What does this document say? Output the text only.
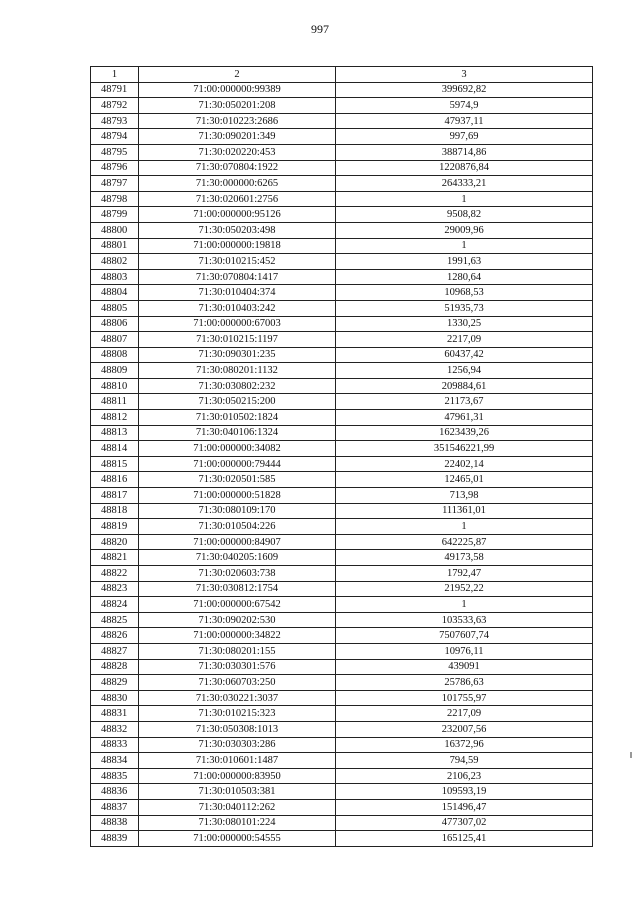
997
1	2	3
48791	71:00:000000:99389	399692,82
48792	71:30:050201:208	5974,9
48793	71:30:010223:2686	47937,11
48794	71:30:090201:349	997,69
48795	71:30:020220:453	388714,86
48796	71:30:070804:1922	1220876,84
48797	71:30:000000:6265	264333,21
48798	71:30:020601:2756	1
48799	71:00:000000:95126	9508,82
48800	71:30:050203:498	29009,96
48801	71:00:000000:19818	1
48802	71:30:010215:452	1991,63
48803	71:30:070804:1417	1280,64
48804	71:30:010404:374	10968,53
48805	71:30:010403:242	51935,73
48806	71:00:000000:67003	1330,25
48807	71:30:010215:1197	2217,09
48808	71:30:090301:235	60437,42
48809	71:30:080201:1132	1256,94
48810	71:30:030802:232	209884,61
48811	71:30:050215:200	21173,67
48812	71:30:010502:1824	47961,31
48813	71:30:040106:1324	1623439,26
48814	71:00:000000:34082	351546221,99
48815	71:00:000000:79444	22402,14
48816	71:30:020501:585	12465,01
48817	71:00:000000:51828	713,98
48818	71:30:080109:170	111361,01
48819	71:30:010504:226	1
48820	71:00:000000:84907	642225,87
48821	71:30:040205:1609	49173,58
48822	71:30:020603:738	1792,47
48823	71:30:030812:1754	21952,22
48824	71:00:000000:67542	1
48825	71:30:090202:530	103533,63
48826	71:00:000000:34822	7507607,74
48827	71:30:080201:155	10976,11
48828	71:30:030301:576	439091
48829	71:30:060703:250	25786,63
48830	71:30:030221:3037	101755,97
48831	71:30:010215:323	2217,09
48832	71:30:050308:1013	232007,56
48833	71:30:030303:286	16372,96
48834	71:30:010601:1487	794,59
48835	71:00:000000:83950	2106,23
48836	71:30:010503:381	109593,19
48837	71:30:040112:262	151496,47
48838	71:30:080101:224	477307,02
48839	71:00:000000:54555	165125,41
